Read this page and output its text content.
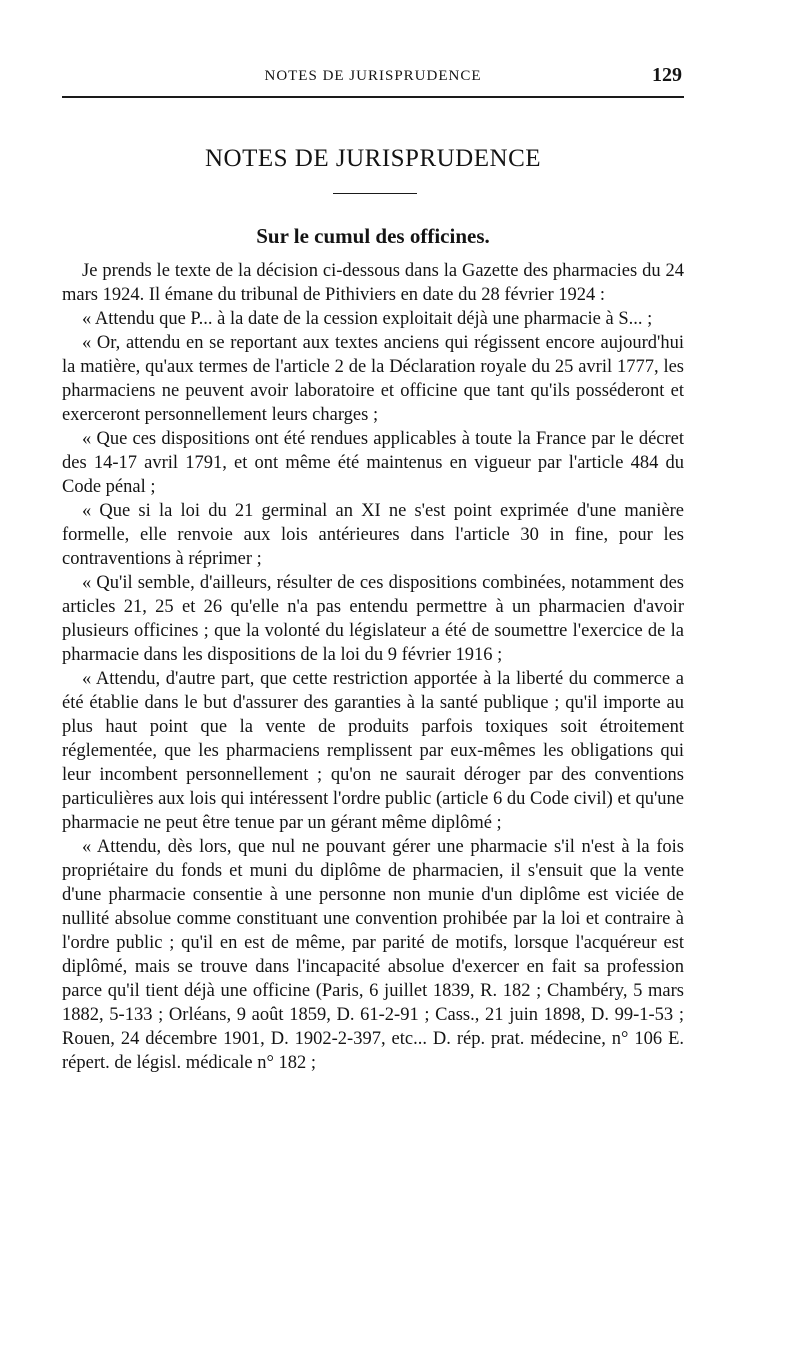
NOTES DE JURISPRUDENCE	129
NOTES DE JURISPRUDENCE
Sur le cumul des officines.

Je prends le texte de la décision ci-dessous dans la Gazette des pharmacies du 24 mars 1924. Il émane du tribunal de Pithiviers en date du 28 février 1924 :

« Attendu que P... à la date de la cession exploitait déjà une pharmacie à S... ;

« Or, attendu en se reportant aux textes anciens qui régissent encore aujourd'hui la matière, qu'aux termes de l'article 2 de la Déclaration royale du 25 avril 1777, les pharmaciens ne peuvent avoir laboratoire et officine que tant qu'ils posséderont et exerceront personnellement leurs charges ;

« Que ces dispositions ont été rendues applicables à toute la France par le décret des 14-17 avril 1791, et ont même été maintenus en vigueur par l'article 484 du Code pénal ;

« Que si la loi du 21 germinal an XI ne s'est point exprimée d'une manière formelle, elle renvoie aux lois antérieures dans l'article 30 in fine, pour les contraventions à réprimer ;

« Qu'il semble, d'ailleurs, résulter de ces dispositions combinées, notamment des articles 21, 25 et 26 qu'elle n'a pas entendu permettre à un pharmacien d'avoir plusieurs officines ; que la volonté du législateur a été de soumettre l'exercice de la pharmacie dans les dispositions de la loi du 9 février 1916 ;

« Attendu, d'autre part, que cette restriction apportée à la liberté du commerce a été établie dans le but d'assurer des garanties à la santé publique ; qu'il importe au plus haut point que la vente de produits parfois toxiques soit étroitement réglementée, que les pharmaciens remplissent par eux-mêmes les obligations qui leur incombent personnellement ; qu'on ne saurait déroger par des conventions particulières aux lois qui intéressent l'ordre public (article 6 du Code civil) et qu'une pharmacie ne peut être tenue par un gérant même diplômé ;

« Attendu, dès lors, que nul ne pouvant gérer une pharmacie s'il n'est à la fois propriétaire du fonds et muni du diplôme de pharmacien, il s'ensuit que la vente d'une pharmacie consentie à une personne non munie d'un diplôme est viciée de nullité absolue comme constituant une convention prohibée par la loi et contraire à l'ordre public ; qu'il en est de même, par parité de motifs, lorsque l'acquéreur est diplômé, mais se trouve dans l'incapacité absolue d'exercer en fait sa profession parce qu'il tient déjà une officine (Paris, 6 juillet 1839, R. 182 ; Chambéry, 5 mars 1882, 5-133 ; Orléans, 9 août 1859, D. 61-2-91 ; Cass., 21 juin 1898, D. 99-1-53 ; Rouen, 24 décembre 1901, D. 1902-2-397, etc... D. rép. prat. médecine, n° 106 E. répert. de législ. médicale n° 182 ;
